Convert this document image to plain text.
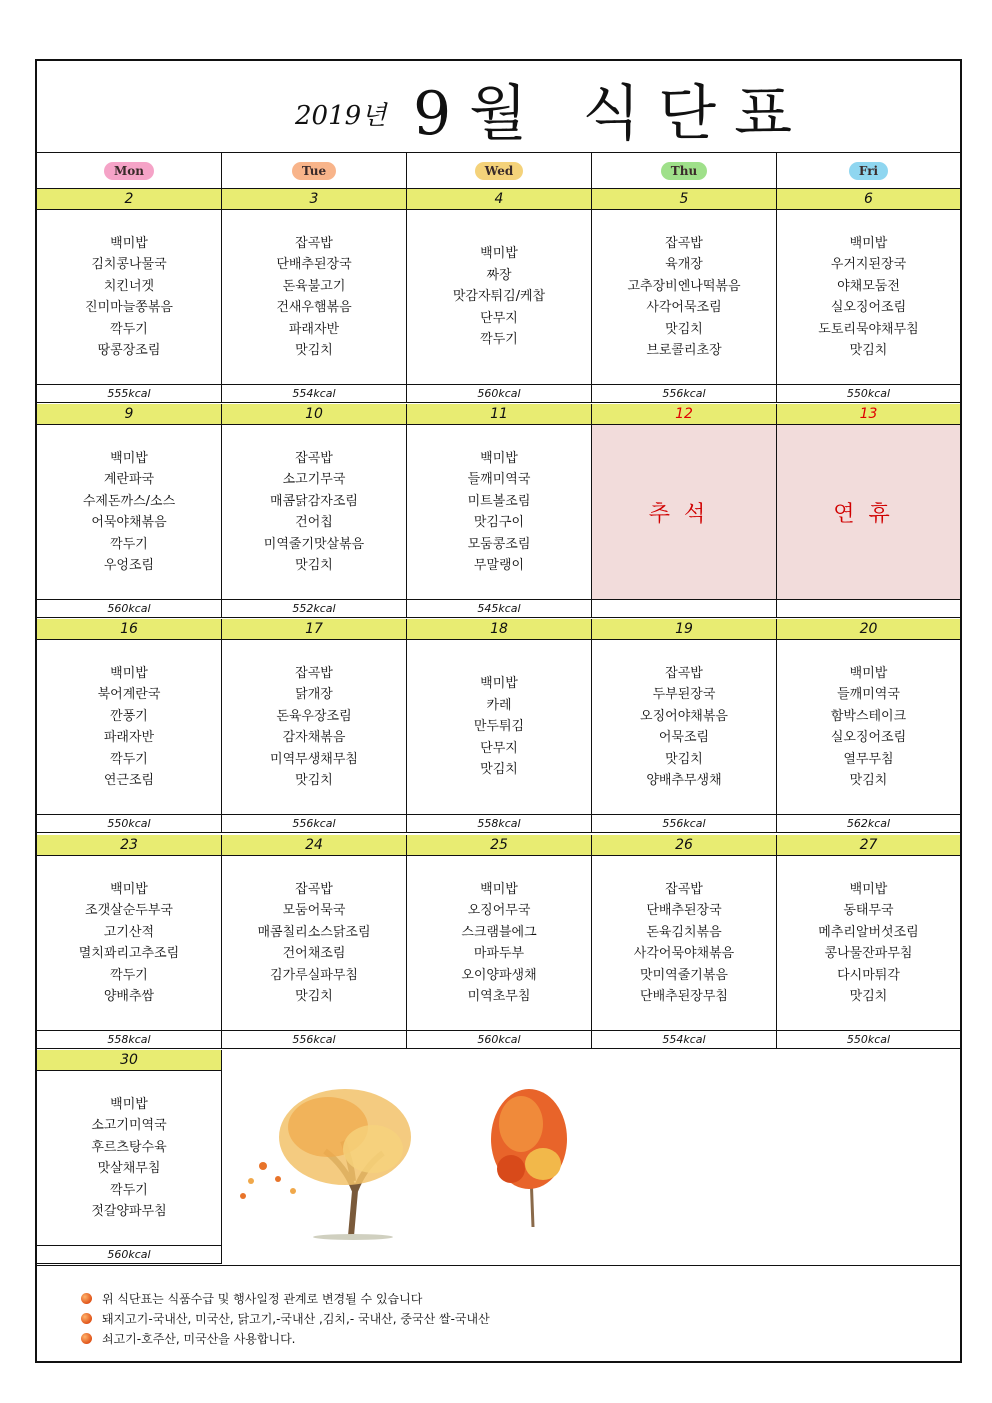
2019년 9월 식단표
Mon	Tue	Wed	Thu	Fri
2	3	4	5	6
백미밥
김치콩나물국
치킨너겟
진미마늘쫑볶음
깍두기
땅콩장조림
555kcal
잡곡밥
단배추된장국
돈육불고기
건새우햄볶음
파래자반
맛김치
554kcal
백미밥
짜장
맛감자튀김/케찹
단무지
깍두기
560kcal
잡곡밥
육개장
고추장비엔나떡볶음
사각어묵조림
맛김치
브로콜리초장
556kcal
백미밥
우거지된장국
야채모둠전
실오징어조림
도토리묵야채무침
맛김치
550kcal
9	10	11	12	13
백미밥
계란파국
수제돈까스/소스
어묵야채볶음
깍두기
우엉조림
560kcal
잡곡밥
소고기무국
매콤닭감자조림
건어칩
미역줄기맛살볶음
맛김치
552kcal
백미밥
들깨미역국
미트볼조림
맛김구이
모둠콩조림
무말랭이
545kcal
추석	연휴
16	17	18	19	20
백미밥
북어계란국
깐풍기
파래자반
깍두기
연근조림
550kcal
잡곡밥
닭개장
돈육우장조림
감자채볶음
미역무생채무침
맛김치
556kcal
백미밥
카레
만두튀김
단무지
맛김치
558kcal
잡곡밥
두부된장국
오징어야채볶음
어묵조림
맛김치
양배추무생채
556kcal
백미밥
들깨미역국
함박스테이크
실오징어조림
열무무침
맛김치
562kcal
23	24	25	26	27
백미밥
조갯살순두부국
고기산적
멸치꽈리고추조림
깍두기
양배추쌈
558kcal
잡곡밥
모둠어묵국
매콤칠리소스닭조림
건어채조림
김가루실파무침
맛김치
556kcal
백미밥
오징어무국
스크램블에그
마파두부
오이양파생채
미역초무침
560kcal
잡곡밥
단배추된장국
돈육김치볶음
사각어묵야채볶음
맛미역줄기볶음
단배추된장무침
554kcal
백미밥
동태무국
메추리알버섯조림
콩나물잔파무침
다시마튀각
맛김치
550kcal
30
백미밥
소고기미역국
후르츠탕수육
맛살채무침
깍두기
젓갈양파무침
560kcal
위 식단표는 식품수급 및 행사일정 관계로 변경될 수 있습니다
돼지고기-국내산, 미국산, 닭고기,-국내산 ,김치,- 국내산, 중국산 쌀-국내산
쇠고기-호주산, 미국산을 사용합니다.
